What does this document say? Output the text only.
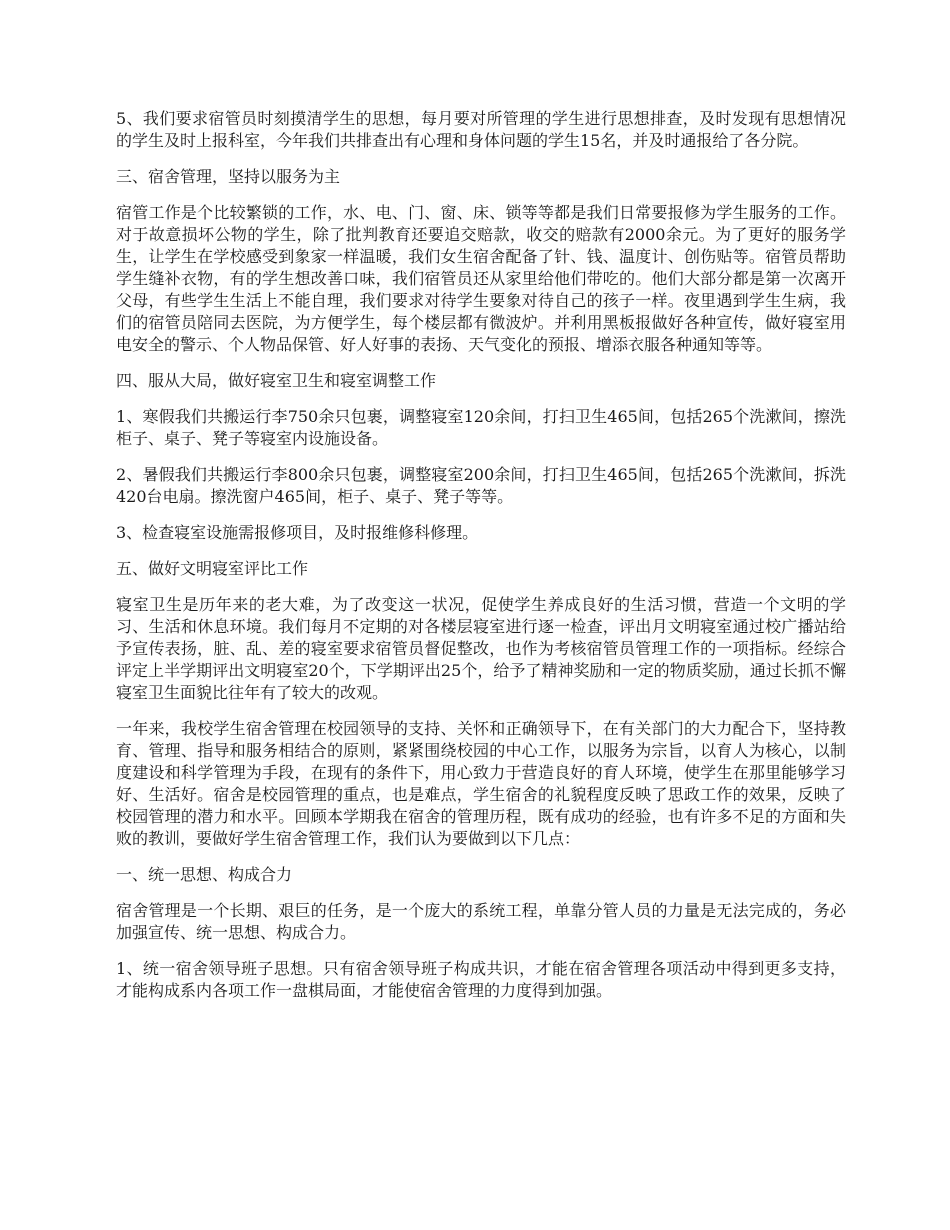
5、我们要求宿管员时刻摸清学生的思想，每月要对所管理的学生进行思想排查，及时发现有思想情况的学生及时上报科室，今年我们共排查出有心理和身体问题的学生15名，并及时通报给了各分院。

三、宿舍管理，坚持以服务为主

宿管工作是个比较繁锁的工作，水、电、门、窗、床、锁等等都是我们日常要报修为学生服务的工作。对于故意损坏公物的学生，除了批判教育还要追交赔款，收交的赔款有2000余元。为了更好的服务学生，让学生在学校感受到象家一样温暖，我们女生宿舍配备了针、钱、温度计、创伤贴等。宿管员帮助学生缝补衣物，有的学生想改善口味，我们宿管员还从家里给他们带吃的。他们大部分都是第一次离开父母，有些学生生活上不能自理，我们要求对待学生要象对待自己的孩子一样。夜里遇到学生生病，我们的宿管员陪同去医院，为方便学生，每个楼层都有微波炉。并利用黑板报做好各种宣传，做好寝室用电安全的警示、个人物品保管、好人好事的表扬、天气变化的预报、增添衣服各种通知等等。

四、服从大局，做好寝室卫生和寝室调整工作

1、寒假我们共搬运行李750余只包裹，调整寝室120余间，打扫卫生465间，包括265个洗漱间，擦洗柜子、桌子、凳子等寝室内设施设备。

2、暑假我们共搬运行李800余只包裹，调整寝室200余间，打扫卫生465间，包括265个洗漱间，拆洗420台电扇。擦洗窗户465间，柜子、桌子、凳子等等。

3、检查寝室设施需报修项目，及时报维修科修理。

五、做好文明寝室评比工作

寝室卫生是历年来的老大难，为了改变这一状况，促使学生养成良好的生活习惯，营造一个文明的学习、生活和休息环境。我们每月不定期的对各楼层寝室进行逐一检查，评出月文明寝室通过校广播站给予宣传表扬，脏、乱、差的寝室要求宿管员督促整改，也作为考核宿管员管理工作的一项指标。经综合评定上半学期评出文明寝室20个，下学期评出25个，给予了精神奖励和一定的物质奖励，通过长抓不懈寝室卫生面貌比往年有了较大的改观。

一年来，我校学生宿舍管理在校园领导的支持、关怀和正确领导下，在有关部门的大力配合下，坚持教育、管理、指导和服务相结合的原则，紧紧围绕校园的中心工作，以服务为宗旨，以育人为核心，以制度建设和科学管理为手段，在现有的条件下，用心致力于营造良好的育人环境，使学生在那里能够学习好、生活好。宿舍是校园管理的重点，也是难点，学生宿舍的礼貌程度反映了思政工作的效果，反映了校园管理的潜力和水平。回顾本学期我在宿舍的管理历程，既有成功的经验，也有许多不足的方面和失败的教训，要做好学生宿舍管理工作，我们认为要做到以下几点：

一、统一思想、构成合力

宿舍管理是一个长期、艰巨的任务，是一个庞大的系统工程，单靠分管人员的力量是无法完成的，务必加强宣传、统一思想、构成合力。

1、统一宿舍领导班子思想。只有宿舍领导班子构成共识，才能在宿舍管理各项活动中得到更多支持，才能构成系内各项工作一盘棋局面，才能使宿舍管理的力度得到加强。
